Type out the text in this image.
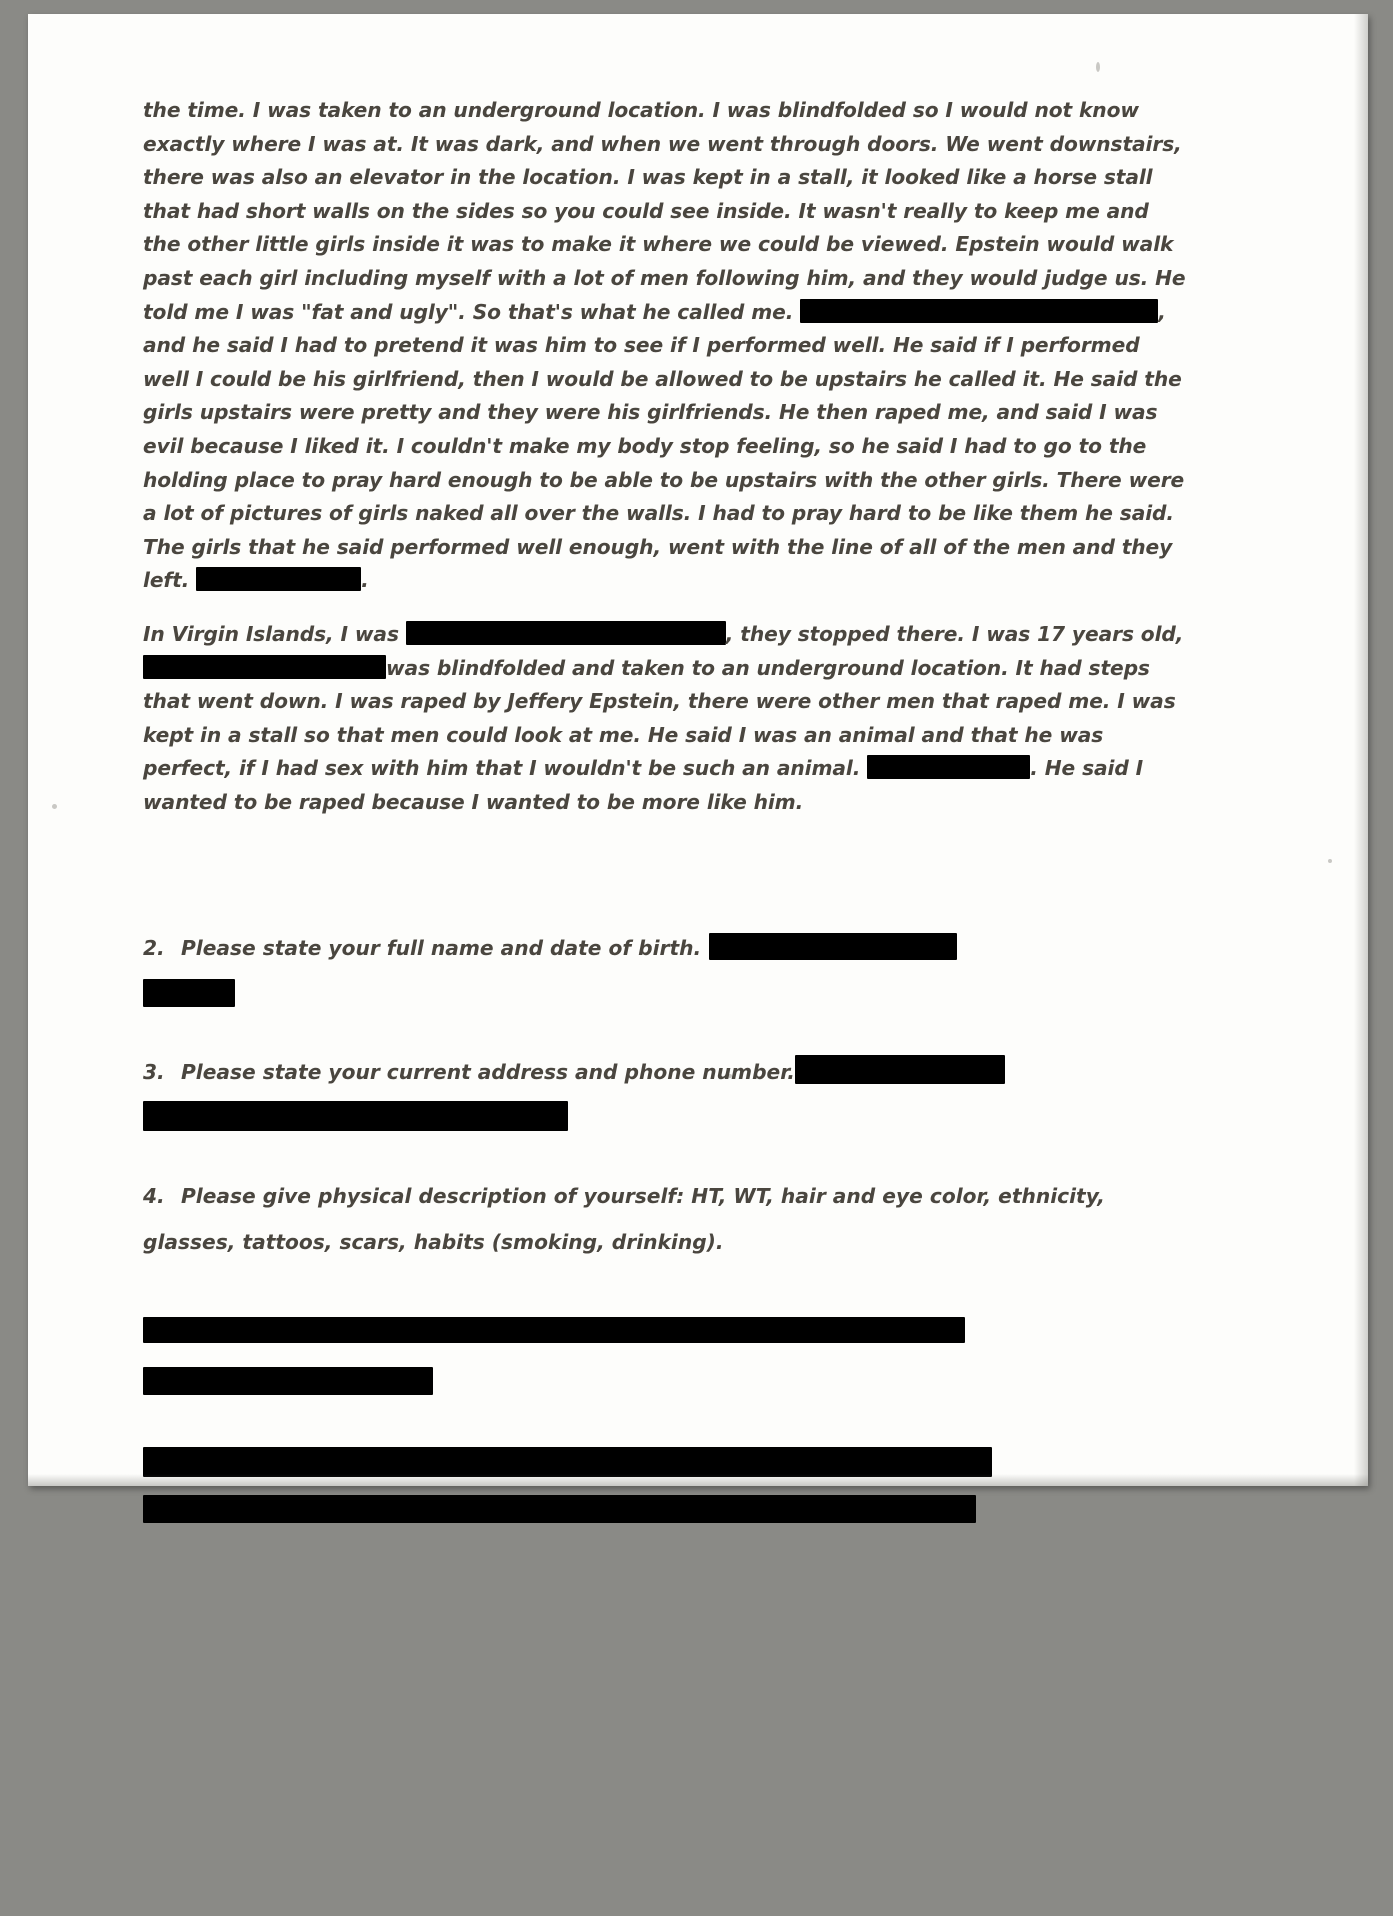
the time. I was taken to an underground location. I was blindfolded so I would not know exactly where I was at. It was dark, and when we went through doors. We went downstairs, there was also an elevator in the location. I was kept in a stall, it looked like a horse stall that had short walls on the sides so you could see inside. It wasn't really to keep me and the other little girls inside it was to make it where we could be viewed. Epstein would walk past each girl including myself with a lot of men following him, and they would judge us. He told me I was "fat and ugly". So that's what he called me.	, and he said I had to pretend it was him to see if I performed well. He said if I performed well I could be his girlfriend, then I would be allowed to be upstairs he called it. He said the girls upstairs were pretty and they were his girlfriends. He then raped me, and said I was evil because I liked it. I couldn't make my body stop feeling, so he said I had to go to the holding place to pray hard enough to be able to be upstairs with the other girls. There were a lot of pictures of girls naked all over the walls. I had to pray hard to be like them he said. The girls that he said performed well enough, went with the line of all of the men and they left.	.

In Virgin Islands, I was	, they stopped there. I was 17 years old, was blindfolded and taken to an underground location. It had steps that went down. I was raped by Jeffery Epstein, there were other men that raped me. I was kept in a stall so that men could look at me. He said I was an animal and that he was perfect, if I had sex with him that I wouldn't be such an animal.	. He said I wanted to be raped because I wanted to be more like him.

2. Please state your full name and date of birth.
3. Please state your current address and phone number.
4. Please give physical description of yourself: HT, WT, hair and eye color, ethnicity,
glasses, tattoos, scars, habits (smoking, drinking).
